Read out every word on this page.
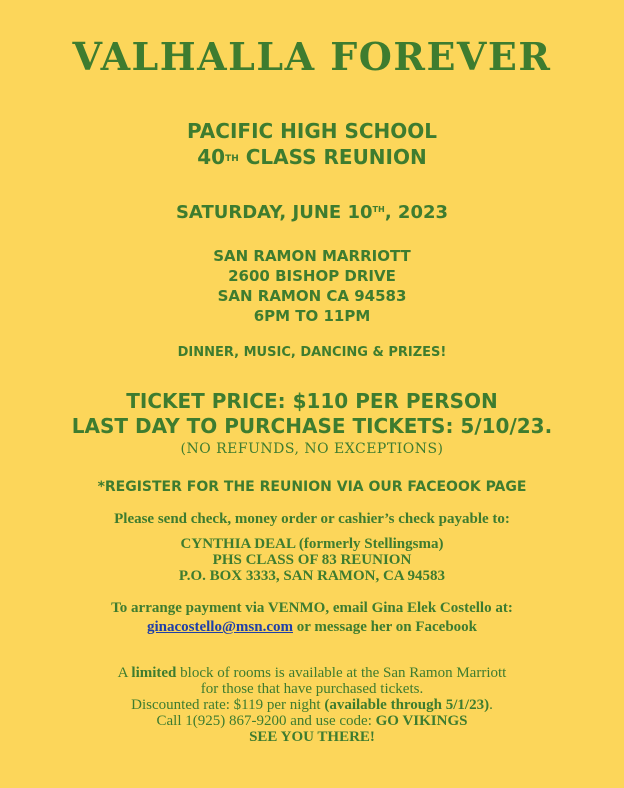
VALHALLA FOREVER
PACIFIC HIGH SCHOOL
40TH CLASS REUNION
SATURDAY, JUNE 10TH, 2023
SAN RAMON MARRIOTT
2600 BISHOP DRIVE
SAN RAMON CA 94583
6PM TO 11PM
DINNER, MUSIC, DANCING & PRIZES!
TICKET PRICE: $110 PER PERSON
LAST DAY TO PURCHASE TICKETS: 5/10/23.
(NO REFUNDS, NO EXCEPTIONS)
*REGISTER FOR THE REUNION VIA OUR FACEOOK PAGE
Please send check, money order or cashier’s check payable to:
CYNTHIA DEAL (formerly Stellingsma)
PHS CLASS OF 83 REUNION
P.O. BOX 3333, SAN RAMON, CA 94583
To arrange payment via VENMO, email Gina Elek Costello at:
ginacostello@msn.com or message her on Facebook
A limited block of rooms is available at the San Ramon Marriott
for those that have purchased tickets.
Discounted rate: $119 per night (available through 5/1/23).
Call 1(925) 867-9200 and use code: GO VIKINGS
SEE YOU THERE!
